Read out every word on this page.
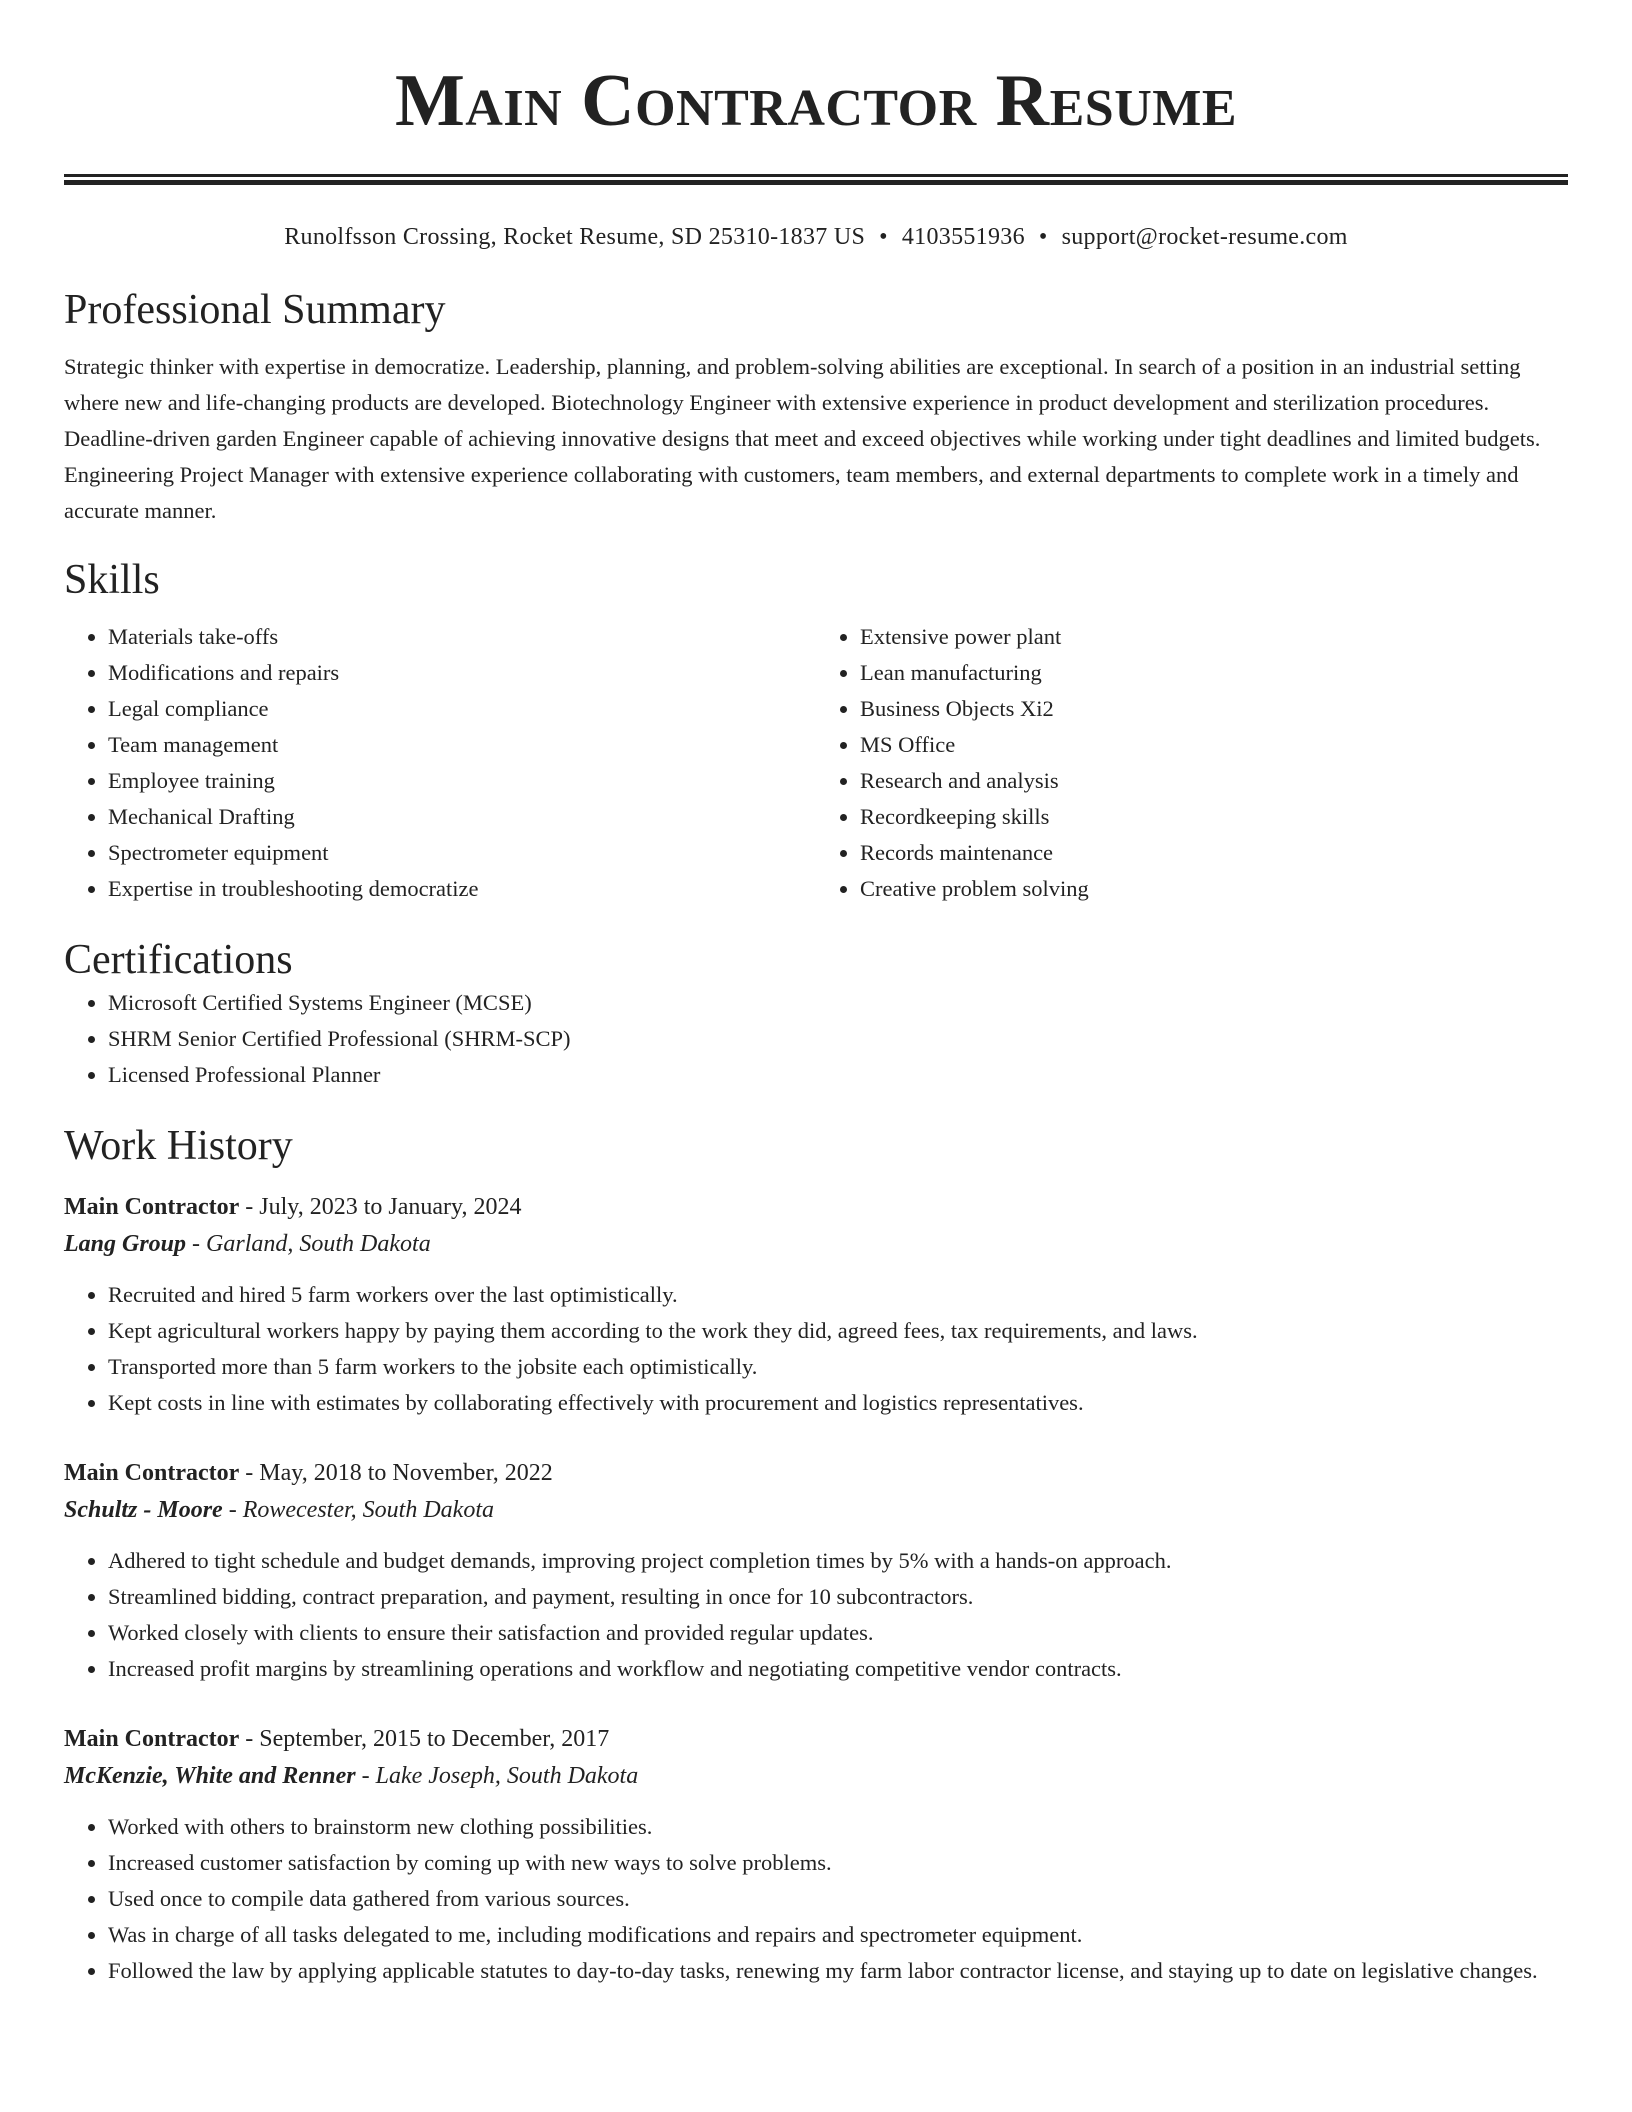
Main Contractor Resume
Runolfsson Crossing, Rocket Resume, SD 25310-1837 US • 4103551936 • support@rocket-resume.com
Professional Summary

Strategic thinker with expertise in democratize. Leadership, planning, and problem-solving abilities are exceptional. In search of a position in an industrial setting where new and life-changing products are developed. Biotechnology Engineer with extensive experience in product development and sterilization procedures. Deadline-driven garden Engineer capable of achieving innovative designs that meet and exceed objectives while working under tight deadlines and limited budgets. Engineering Project Manager with extensive experience collaborating with customers, team members, and external departments to complete work in a timely and accurate manner.

Skills
• Materials take-offs
• Modifications and repairs
• Legal compliance
• Team management
• Employee training
• Mechanical Drafting
• Spectrometer equipment
• Expertise in troubleshooting democratize
• Extensive power plant
• Lean manufacturing
• Business Objects Xi2
• MS Office
• Research and analysis
• Recordkeeping skills
• Records maintenance
• Creative problem solving
Certifications
• Microsoft Certified Systems Engineer (MCSE)
• SHRM Senior Certified Professional (SHRM-SCP)
• Licensed Professional Planner
Work History
Main Contractor - July, 2023 to January, 2024
Lang Group - Garland, South Dakota
• Recruited and hired 5 farm workers over the last optimistically.
• Kept agricultural workers happy by paying them according to the work they did, agreed fees, tax requirements, and laws.
• Transported more than 5 farm workers to the jobsite each optimistically.
• Kept costs in line with estimates by collaborating effectively with procurement and logistics representatives.
Main Contractor - May, 2018 to November, 2022
Schultz - Moore - Rowecester, South Dakota
• Adhered to tight schedule and budget demands, improving project completion times by 5% with a hands-on approach.
• Streamlined bidding, contract preparation, and payment, resulting in once for 10 subcontractors.
• Worked closely with clients to ensure their satisfaction and provided regular updates.
• Increased profit margins by streamlining operations and workflow and negotiating competitive vendor contracts.
Main Contractor - September, 2015 to December, 2017
McKenzie, White and Renner - Lake Joseph, South Dakota
• Worked with others to brainstorm new clothing possibilities.
• Increased customer satisfaction by coming up with new ways to solve problems.
• Used once to compile data gathered from various sources.
• Was in charge of all tasks delegated to me, including modifications and repairs and spectrometer equipment.
• Followed the law by applying applicable statutes to day-to-day tasks, renewing my farm labor contractor license, and staying up to date on legislative changes.
